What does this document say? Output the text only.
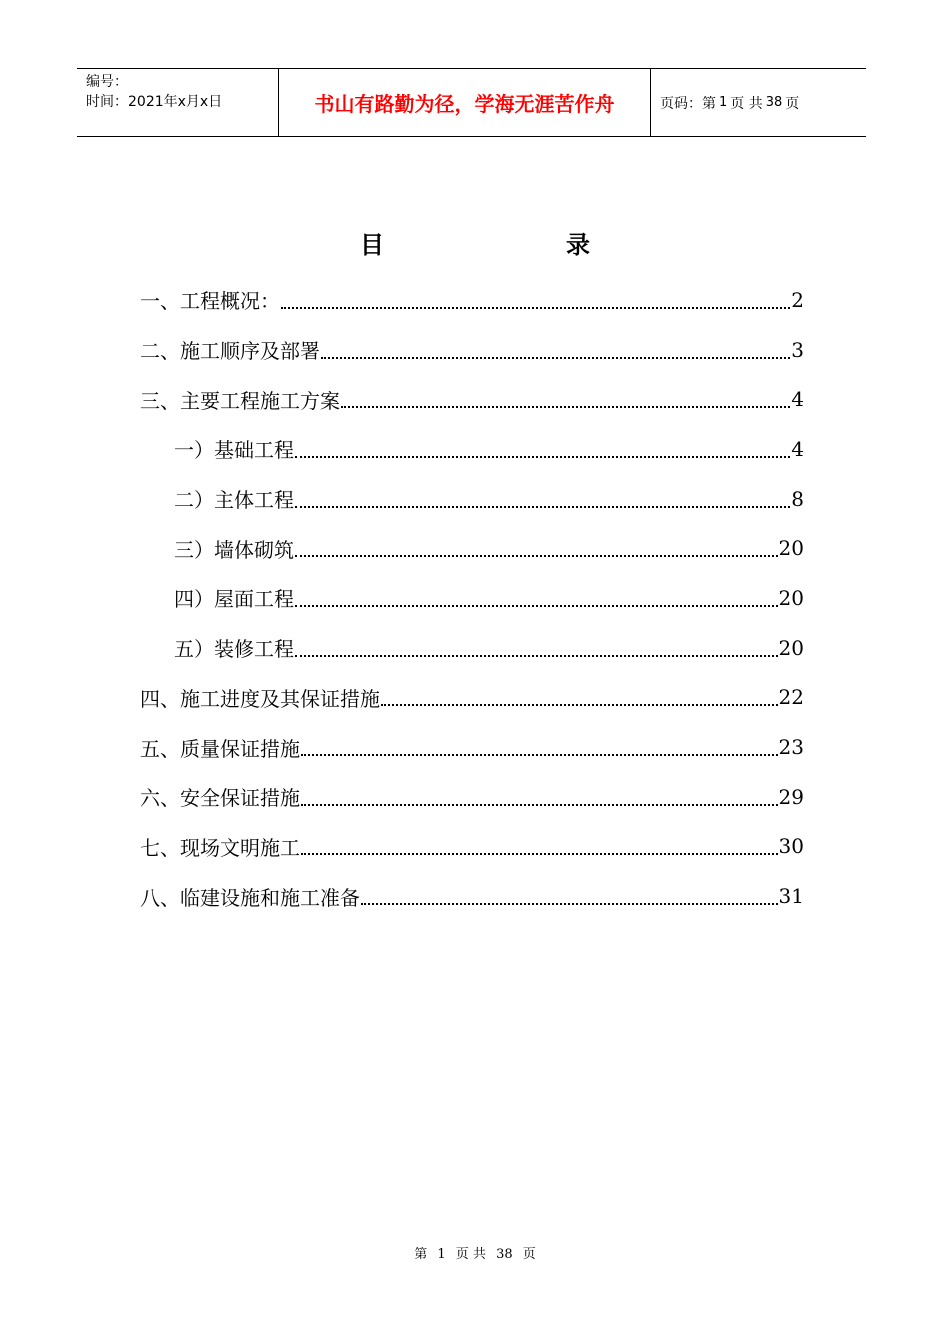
编号：
时间：2021年x月x日	书山有路勤为径，学海无涯苦作舟	页码：第 1 页 共 38 页
目	录
一、工程概况：	2
二、施工顺序及部署	3
三、主要工程施工方案	4
一）基础工程	4
二）主体工程	8
三）墙体砌筑	20
四）屋面工程	20
五）装修工程	20
四、施工进度及其保证措施	22
五、质量保证措施	23
六、安全保证措施	29
七、现场文明施工	30
八、临建设施和施工准备	31
第 1 页 共 38 页
